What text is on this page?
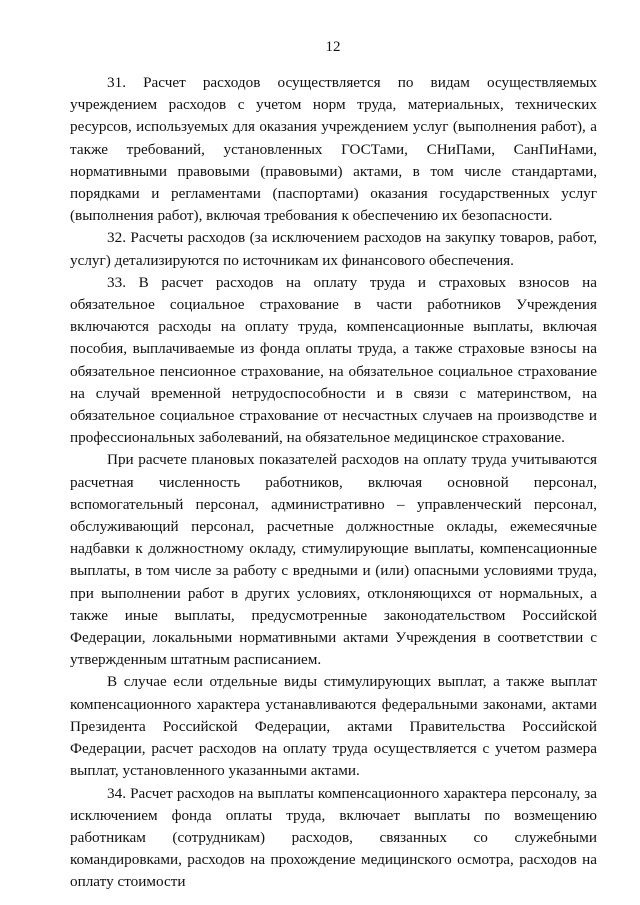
12

31. Расчет расходов осуществляется по видам осуществляемых учреждением расходов с учетом норм труда, материальных, технических ресурсов, используемых для оказания учреждением услуг (выполнения работ), а также требований, установленных ГОСТами, СНиПами, СанПиНами, нормативными правовыми (правовыми) актами, в том числе стандартами, порядками и регламентами (паспортами) оказания государственных услуг (выполнения работ), включая требования к обеспечению их безопасности.

32. Расчеты расходов (за исключением расходов на закупку товаров, работ, услуг) детализируются по источникам их финансового обеспечения.

33. В расчет расходов на оплату труда и страховых взносов на обязательное социальное страхование в части работников Учреждения включаются расходы на оплату труда, компенсационные выплаты, включая пособия, выплачиваемые из фонда оплаты труда, а также страховые взносы на обязательное пенсионное страхование, на обязательное социальное страхование на случай временной нетрудоспособности и в связи с материнством, на обязательное социальное страхование от несчастных случаев на производстве и профессиональных заболеваний, на обязательное медицинское страхование.

При расчете плановых показателей расходов на оплату труда учитываются расчетная численность работников, включая основной персонал, вспомогательный персонал, административно – управленческий персонал, обслуживающий персонал, расчетные должностные оклады, ежемесячные надбавки к должностному окладу, стимулирующие выплаты, компенсационные выплаты, в том числе за работу с вредными и (или) опасными условиями труда, при выполнении работ в других условиях, отклоняющихся от нормальных, а также иные выплаты, предусмотренные законодательством Российской Федерации, локальными нормативными актами Учреждения в соответствии с утвержденным штатным расписанием.

В случае если отдельные виды стимулирующих выплат, а также выплат компенсационного характера устанавливаются федеральными законами, актами Президента Российской Федерации, актами Правительства Российской Федерации, расчет расходов на оплату труда осуществляется с учетом размера выплат, установленного указанными актами.

34. Расчет расходов на выплаты компенсационного характера персоналу, за исключением фонда оплаты труда, включает выплаты по возмещению работникам (сотрудникам) расходов, связанных со служебными командировками, расходов на прохождение медицинского осмотра, расходов на оплату стоимости
